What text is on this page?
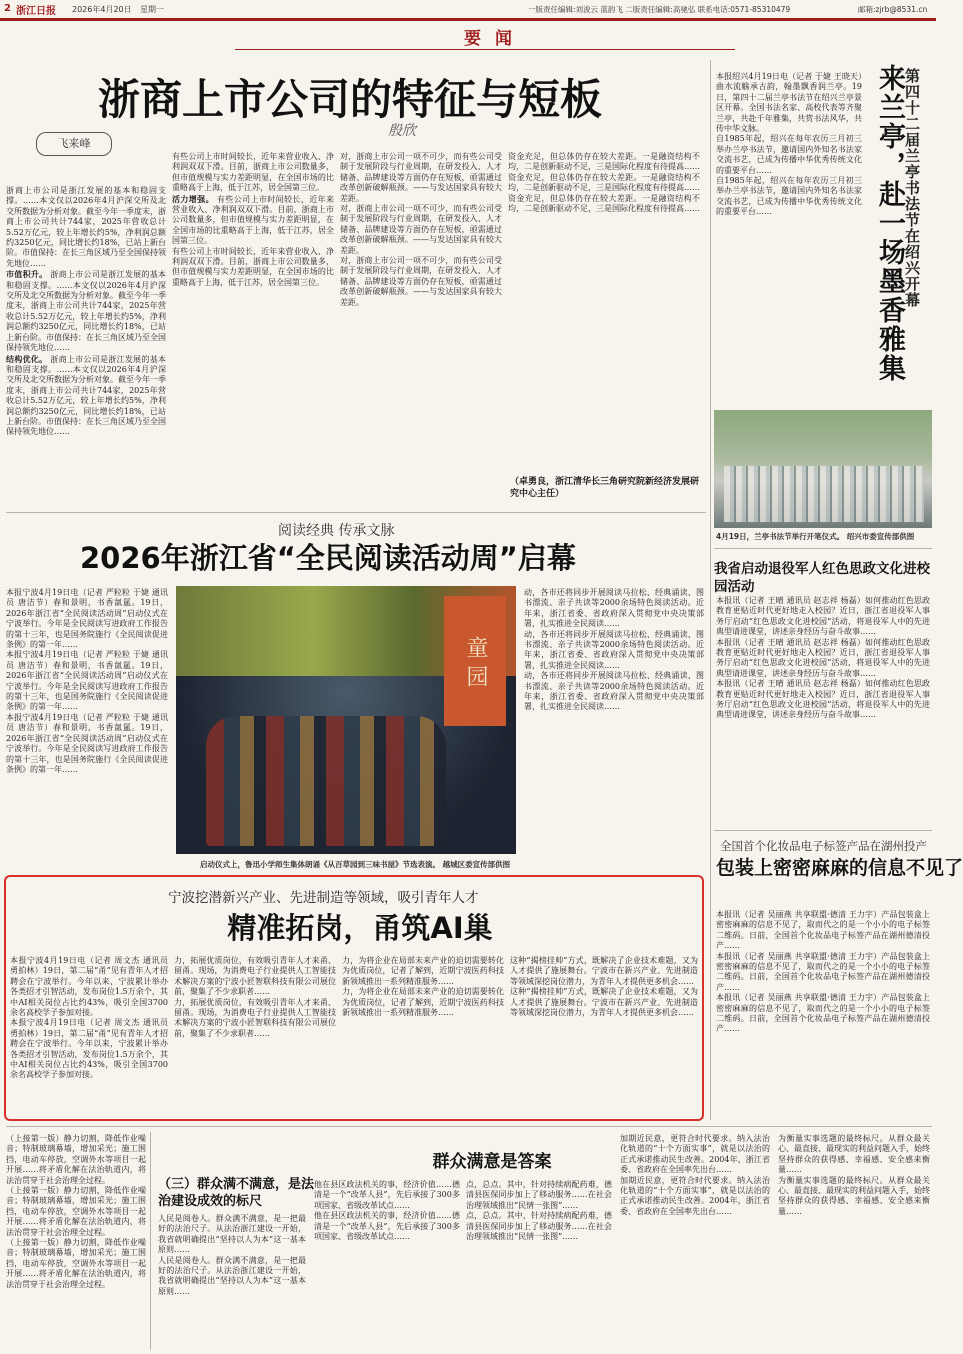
2 浙江日报 2026年4月20日 星期一	一版责任编辑:刘浚云 蓝韵飞 二版责任编辑:高驰弘 联系电话:0571-85310479	邮箱:zjrb@8531.cn
要 闻
浙商上市公司的特征与短板
飞来峰
殷欣
浙商上市公司是浙江发展的基本和稳固支撑。……本文仅以2026年4月沪深交所及北交所数据为分析对象。截至今年一季度末，浙商上市公司共计744家，2025年营收总计5.52万亿元，较上年增长约5%，净利润总额约3250亿元，同比增长约18%，已站上新台阶。市值保持：在长三角区域乃至全国保持领先地位……
市值积升。 浙商上市公司是浙江发展的基本和稳固支撑。……本文仅以2026年4月沪深交所及北交所数据为分析对象。截至今年一季度末，浙商上市公司共计744家，2025年营收总计5.52万亿元，较上年增长约5%，净利润总额约3250亿元，同比增长约18%，已站上新台阶。市值保持：在长三角区域乃至全国保持领先地位……
结构优化。 浙商上市公司是浙江发展的基本和稳固支撑。……本文仅以2026年4月沪深交所及北交所数据为分析对象。截至今年一季度末，浙商上市公司共计744家，2025年营收总计5.52万亿元，较上年增长约5%，净利润总额约3250亿元，同比增长约18%，已站上新台阶。市值保持：在长三角区域乃至全国保持领先地位……
有些公司上市时间较长，近年来营业收入、净利润双双下滑。目前，浙商上市公司数量多，但市值规模与实力差距明显，在全国市场的比重略高于上海，低于江苏，居全国第三位。
活力增强。 有些公司上市时间较长，近年来营业收入、净利润双双下滑。目前，浙商上市公司数量多，但市值规模与实力差距明显，在全国市场的比重略高于上海，低于江苏，居全国第三位。
有些公司上市时间较长，近年来营业收入、净利润双双下滑。目前，浙商上市公司数量多，但市值规模与实力差距明显，在全国市场的比重略高于上海，低于江苏，居全国第三位。
对，浙商上市公司一项不可少，而有些公司受制于发展阶段与行业周期，在研发投入、人才储备、品牌建设等方面仍存在短板，亟需通过改革创新破解瓶颈。——与发达国家具有较大差距。
对，浙商上市公司一项不可少，而有些公司受制于发展阶段与行业周期，在研发投入、人才储备、品牌建设等方面仍存在短板，亟需通过改革创新破解瓶颈。——与发达国家具有较大差距。
对，浙商上市公司一项不可少，而有些公司受制于发展阶段与行业周期，在研发投入、人才储备、品牌建设等方面仍存在短板，亟需通过改革创新破解瓶颈。——与发达国家具有较大差距。
资金充足，但总体仍存在较大差距。一是融资结构不均，二是创新驱动不足，三是国际化程度有待提高……
资金充足，但总体仍存在较大差距。一是融资结构不均，二是创新驱动不足，三是国际化程度有待提高……
资金充足，但总体仍存在较大差距。一是融资结构不均，二是创新驱动不足，三是国际化程度有待提高……
（卓勇良，浙江清华长三角研究院新经济发展研究中心主任）
第四十二届兰亭书法节在绍兴开幕
来兰亭，赴一场墨香雅集
本报绍兴4月19日电（记者 于婕 王晓天）曲水流觞承古韵，翰墨飘香润兰亭。19日，第四十二届兰亭书法节在绍兴兰亭景区开幕。全国书法名家、高校代表等齐聚兰亭，共赴千年雅集，共赏书法风华，共传中华文脉。
自1985年起，绍兴在每年农历三月初三举办兰亭书法节，邀请国内外知名书法家交流书艺，已成为传播中华优秀传统文化的重要平台……
自1985年起，绍兴在每年农历三月初三举办兰亭书法节，邀请国内外知名书法家交流书艺，已成为传播中华优秀传统文化的重要平台……
4月19日，兰亭书法节举行开笔仪式。 绍兴市委宣传部供图
阅读经典 传承文脉
2026年浙江省“全民阅读活动周”启幕
本报宁波4月19日电（记者 严粒粒 于婕 通讯员 唐洁节）春和景明，书香氤氲。19日，2026年浙江省“全民阅读活动周”启动仪式在宁波举行。今年是全民阅读写进政府工作报告的第十三年，也是国务院施行《全民阅读促进条例》的第一年……
本报宁波4月19日电（记者 严粒粒 于婕 通讯员 唐洁节）春和景明，书香氤氲。19日，2026年浙江省“全民阅读活动周”启动仪式在宁波举行。今年是全民阅读写进政府工作报告的第十三年，也是国务院施行《全民阅读促进条例》的第一年……
本报宁波4月19日电（记者 严粒粒 于婕 通讯员 唐洁节）春和景明，书香氤氲。19日，2026年浙江省“全民阅读活动周”启动仪式在宁波举行。今年是全民阅读写进政府工作报告的第十三年，也是国务院施行《全民阅读促进条例》的第一年……
童 园
启动仪式上，鲁迅小学师生集体朗诵《从百草园到三味书屋》节选表演。 越城区委宣传部供图
动，各市还将同步开展阅读马拉松、经典诵读、图书漂流、亲子共读等2000余场特色阅读活动。近年来，浙江省委、省政府深入贯彻党中央决策部署，扎实推进全民阅读……
动，各市还将同步开展阅读马拉松、经典诵读、图书漂流、亲子共读等2000余场特色阅读活动。近年来，浙江省委、省政府深入贯彻党中央决策部署，扎实推进全民阅读……
动，各市还将同步开展阅读马拉松、经典诵读、图书漂流、亲子共读等2000余场特色阅读活动。近年来，浙江省委、省政府深入贯彻党中央决策部署，扎实推进全民阅读……
我省启动退役军人红色思政文化进校园活动
本报讯（记者 王晴 通讯员 赵志祥 杨磊）如何推动红色思政教育更贴近时代更好地走入校园？近日，浙江省退役军人事务厅启动“红色思政文化进校园”活动，将退役军人中的先进典型请进课堂，讲述亲身经历与奋斗故事……
本报讯（记者 王晴 通讯员 赵志祥 杨磊）如何推动红色思政教育更贴近时代更好地走入校园？近日，浙江省退役军人事务厅启动“红色思政文化进校园”活动，将退役军人中的先进典型请进课堂，讲述亲身经历与奋斗故事……
本报讯（记者 王晴 通讯员 赵志祥 杨磊）如何推动红色思政教育更贴近时代更好地走入校园？近日，浙江省退役军人事务厅启动“红色思政文化进校园”活动，将退役军人中的先进典型请进课堂，讲述亲身经历与奋斗故事……
全国首个化妆品电子标签产品在湖州投产
包装上密密麻麻的信息不见了
本报讯（记者 吴丽燕 共享联盟·德清 王力宇）产品包装盒上密密麻麻的信息不见了，取而代之的是一个小小的电子标签二维码。日前，全国首个化妆品电子标签产品在湖州德清投产……
本报讯（记者 吴丽燕 共享联盟·德清 王力宇）产品包装盒上密密麻麻的信息不见了，取而代之的是一个小小的电子标签二维码。日前，全国首个化妆品电子标签产品在湖州德清投产……
本报讯（记者 吴丽燕 共享联盟·德清 王力宇）产品包装盒上密密麻麻的信息不见了，取而代之的是一个小小的电子标签二维码。日前，全国首个化妆品电子标签产品在湖州德清投产……
宁波挖潜新兴产业、先进制造等领域，吸引青年人才
精准拓岗，甬筑AI巢
本报宁波4月19日电（记者 周文杰 通讯员 勇拍林）19日，第二届“甬”见有青年人才招聘会在宁波举行。今年以来，宁波累计举办各类招才引智活动，发布岗位1.5万余个，其中AI相关岗位占比约43%，吸引全国3700余名高校学子参加对接。
本报宁波4月19日电（记者 周文杰 通讯员 勇拍林）19日，第二届“甬”见有青年人才招聘会在宁波举行。今年以来，宁波累计举办各类招才引智活动，发布岗位1.5万余个，其中AI相关岗位占比约43%，吸引全国3700余名高校学子参加对接。
力，拓展优质岗位，有效吸引青年人才来甬、留甬。现场，为消费电子行业提供人工智能技术解决方案的宁波小匠智联科技有限公司展位前，聚集了不少求职者……
力，拓展优质岗位，有效吸引青年人才来甬、留甬。现场，为消费电子行业提供人工智能技术解决方案的宁波小匠智联科技有限公司展位前，聚集了不少求职者……
力，为将企业在局部未来产业的迫切需要转化为优质岗位，记者了解到，近期宁波医药科技新领域推出一系列精准服务……
力，为将企业在局部未来产业的迫切需要转化为优质岗位，记者了解到，近期宁波医药科技新领域推出一系列精准服务……
这种“揭榜挂帅”方式，既解决了企业技术难题，又为人才提供了施展舞台。宁波市在新兴产业、先进制造等领域深挖岗位潜力，为青年人才提供更多机会……
这种“揭榜挂帅”方式，既解决了企业技术难题，又为人才提供了施展舞台。宁波市在新兴产业、先进制造等领域深挖岗位潜力，为青年人才提供更多机会……
（上接第一版）静力切割，降低作业噪音；特制玻璃幕墙，增加采光；施工围挡，电动车停放，空调外水等项目一起开展……将矛盾化解在法治轨道内，将法治贯穿于社会治理全过程。
（上接第一版）静力切割，降低作业噪音；特制玻璃幕墙，增加采光；施工围挡，电动车停放，空调外水等项目一起开展……将矛盾化解在法治轨道内，将法治贯穿于社会治理全过程。
（上接第一版）静力切割，降低作业噪音；特制玻璃幕墙，增加采光；施工围挡，电动车停放，空调外水等项目一起开展……将矛盾化解在法治轨道内，将法治贯穿于社会治理全过程。
群众满意是答案
（三）群众满不满意，是法治建设成效的标尺
人民是阅卷人。群众满不满意，是一把最好的法治尺子。从法治浙江建设一开始，我省就明确提出“坚持以人为本”这一基本原则……
人民是阅卷人。群众满不满意，是一把最好的法治尺子。从法治浙江建设一开始，我省就明确提出“坚持以人为本”这一基本原则……
他在县区政法机关的事，经济价值……德清是一个“改革人县”，先后承接了300多项国家、省级改革试点……
他在县区政法机关的事，经济价值……德清是一个“改革人县”，先后承接了300多项国家、省级改革试点……
点，总点。其中，针对持续病配药难，德清县医保同步加上了移动服务……在社会治理领域推出“民情一张图”……
点，总点。其中，针对持续病配药难，德清县医保同步加上了移动服务……在社会治理领域推出“民情一张图”……
加期近民意，更符合时代要求。纳入法治化轨道的“十个方面实事”，就是以法治的正式承诺推动民生改善。2004年，浙江省委、省政府在全国率先出台……
加期近民意，更符合时代要求。纳入法治化轨道的“十个方面实事”，就是以法治的正式承诺推动民生改善。2004年，浙江省委、省政府在全国率先出台……
为衡量实事选题的最终标尺。从群众最关心、最直接、最现实的利益问题入手，始终坚持群众的获得感、幸福感、安全感来衡量……
为衡量实事选题的最终标尺。从群众最关心、最直接、最现实的利益问题入手，始终坚持群众的获得感、幸福感、安全感来衡量……
